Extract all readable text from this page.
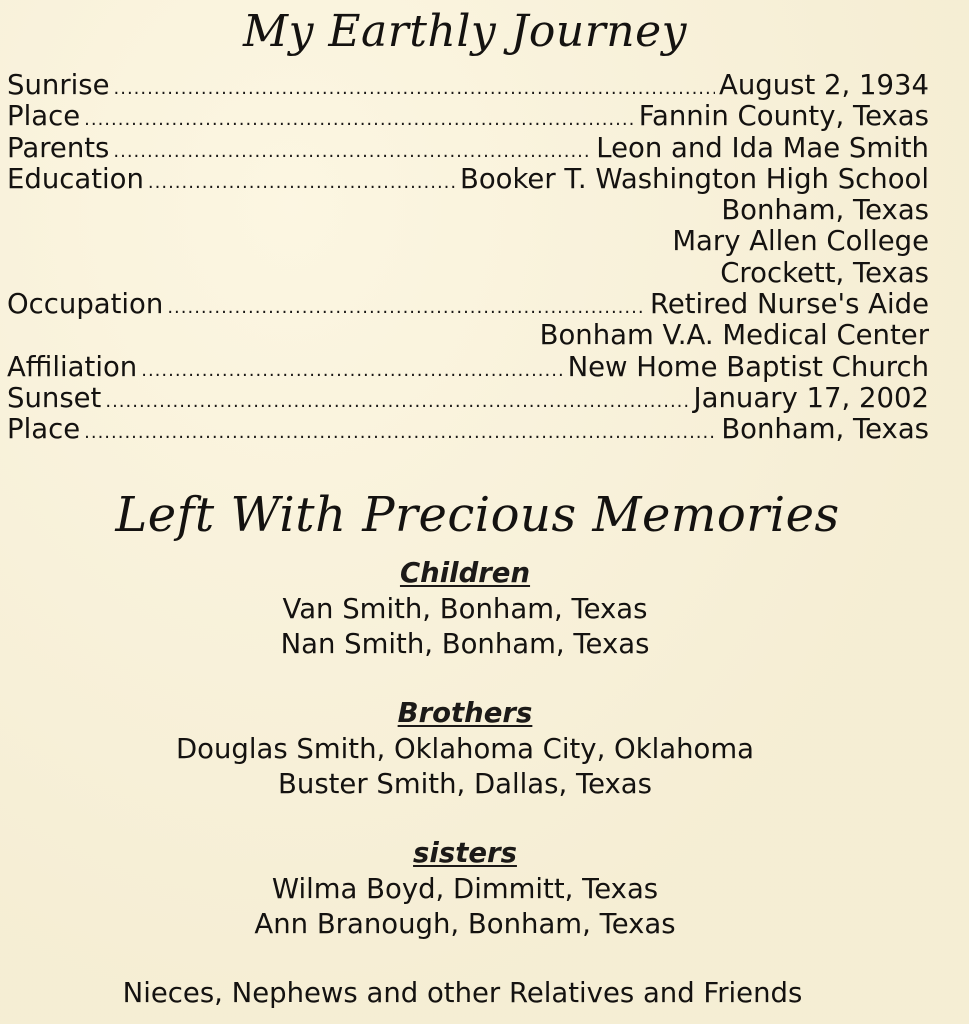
My Earthly Journey
Sunrise .....	August 2, 1934
Place .....	Fannin County, Texas
Parents .....	Leon and Ida Mae Smith
Education .....	Booker T. Washington High School
Bonham, Texas
Mary Allen College
Crockett, Texas
Occupation .....	Retired Nurse's Aide
Bonham V.A. Medical Center
Affiliation .....	New Home Baptist Church
Sunset .....	January 17, 2002
Place .....	Bonham, Texas
Left With Precious Memories
Children
Van Smith, Bonham, Texas
Nan Smith, Bonham, Texas
Brothers
Douglas Smith, Oklahoma City, Oklahoma
Buster Smith, Dallas, Texas
sisters
Wilma Boyd, Dimmitt, Texas
Ann Branough, Bonham, Texas
Nieces, Nephews and other Relatives and Friends
